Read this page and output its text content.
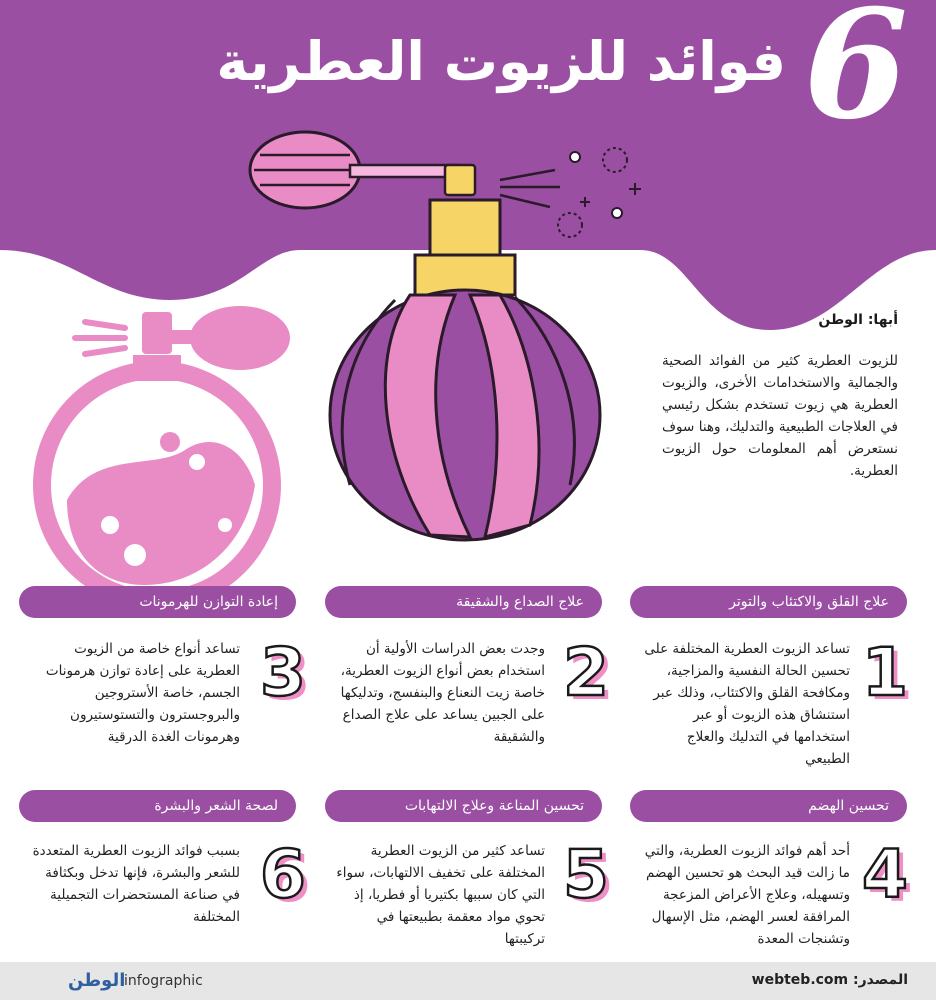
6
فوائد للزيوت العطرية
أبها: الوطن
للزيوت العطرية كثير من الفوائد الصحية والجمالية والاستخدامات الأخرى، والزيوت العطرية هي زيوت تستخدم بشكل رئيسي في العلاجات الطبيعية والتدليك، وهنا سوف نستعرض أهم المعلومات حول الزيوت العطرية.
علاج القلق والاكتئاب والتوتر
علاج الصداع والشقيقة
إعادة التوازن للهرمونات
1
تساعد الزيوت العطرية المختلفة على تحسين الحالة النفسية والمزاجية، ومكافحة القلق والاكتئاب، وذلك عبر استنشاق هذه الزيوت أو عبر استخدامها في التدليك والعلاج الطبيعي
2
وجدت بعض الدراسات الأولية أن استخدام بعض أنواع الزيوت العطرية، خاصة زيت النعناع والبنفسج، وتدليكها على الجبين يساعد على علاج الصداع والشقيقة
3
تساعد أنواع خاصة من الزيوت العطرية على إعادة توازن هرمونات الجسم، خاصة الأستروجين والبروجسترون والتستوستيرون وهرمونات الغدة الدرقية
تحسين الهضم
تحسين المناعة وعلاج الالتهابات
لصحة الشعر والبشرة
4
أحد أهم فوائد الزيوت العطرية، والتي ما زالت قيد البحث هو تحسين الهضم وتسهيله، وعلاج الأعراض المزعجة المرافقة لعسر الهضم، مثل الإسهال وتشنجات المعدة
5
تساعد كثير من الزيوت العطرية المختلفة على تخفيف الالتهابات، سواء التي كان سببها بكتيريا أو فطريا، إذ تحوي مواد معقمة بطبيعتها في تركيبتها
6
بسبب فوائد الزيوت العطرية المتعددة للشعر والبشرة، فإنها تدخل وبكثافة في صناعة المستحضرات التجميلية المختلفة
المصدر: webteb.com
الوطن
infographic
